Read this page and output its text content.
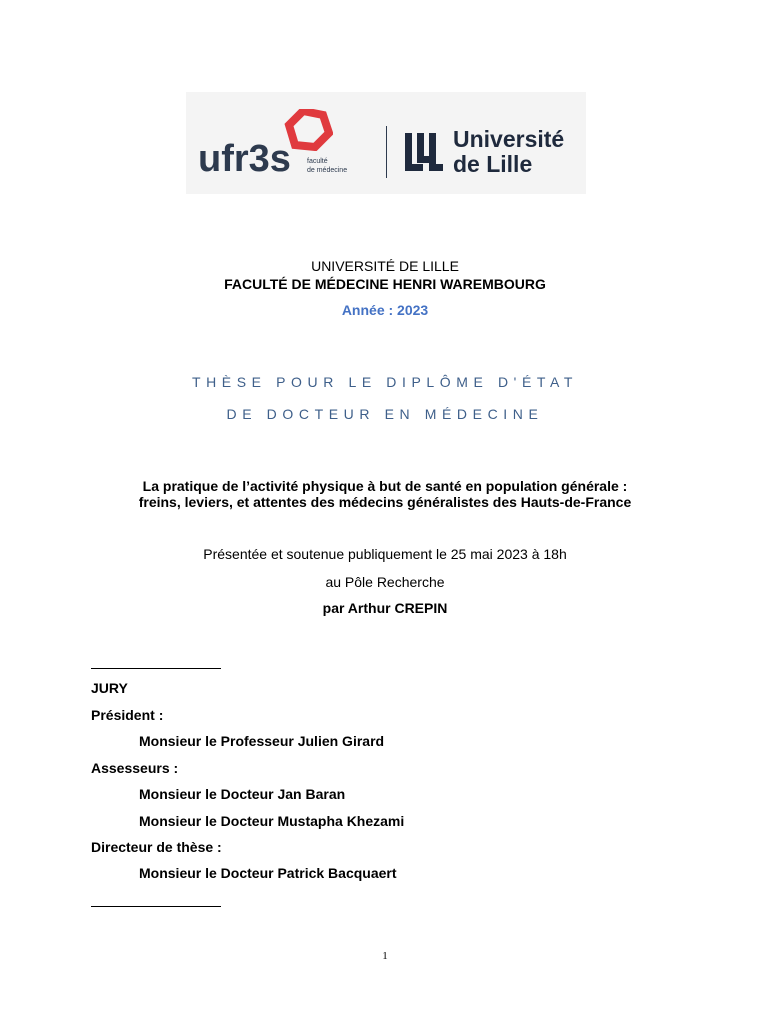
ufr3s faculté
de médecine
Université
de Lille
UNIVERSITÉ DE LILLE
FACULTÉ DE MÉDECINE HENRI WAREMBOURG
Année : 2023
THÈSE POUR LE DIPLÔME D'ÉTAT
DE DOCTEUR EN MÉDECINE
La pratique de l’activité physique à but de santé en population générale :
freins, leviers, et attentes des médecins généralistes des Hauts-de-France
Présentée et soutenue publiquement le 25 mai 2023 à 18h
au Pôle Recherche
par Arthur CREPIN
JURY
Président :
Monsieur le Professeur Julien Girard
Assesseurs :
Monsieur le Docteur Jan Baran
Monsieur le Docteur Mustapha Khezami
Directeur de thèse :
Monsieur le Docteur Patrick Bacquaert
1
